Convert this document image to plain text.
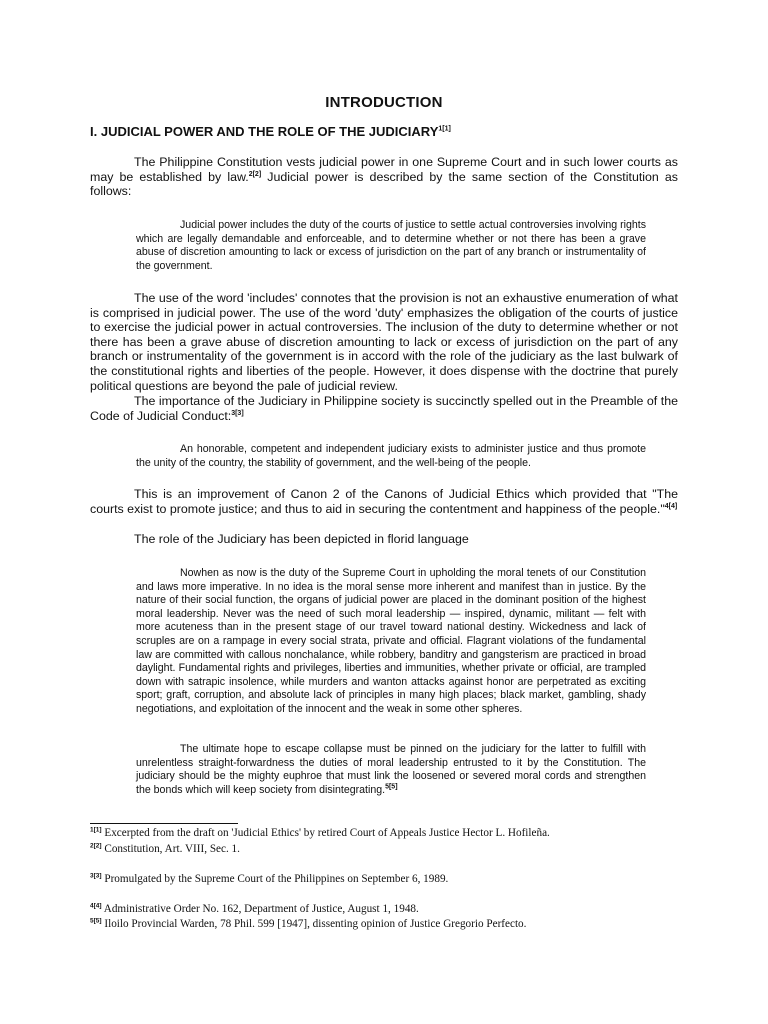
INTRODUCTION
I. JUDICIAL POWER AND THE ROLE OF THE $JUDICIARY^{1[1]}$
The Philippine Constitution vests judicial power in one Supreme Court and in such lower courts as may be established by law.$^{2[2]}$ Judicial power is described by the same section of the Constitution as follows:
Judicial power includes the duty of the courts of justice to settle actual controversies involving rights which are legally demandable and enforceable, and to determine whether or not there has been a grave abuse of discretion amounting to lack or excess of jurisdiction on the part of any branch or instrumentality of the government.
The use of the word 'includes' connotes that the provision is not an exhaustive enumeration of what is comprised in judicial power. The use of the word 'duty' emphasizes the obligation of the courts of justice to exercise the judicial power in actual controversies. The inclusion of the duty to determine whether or not there has been a grave abuse of discretion amounting to lack or excess of jurisdiction on the part of any branch or instrumentality of the government is in accord with the role of the judiciary as the last bulwark of the constitutional rights and liberties of the people. However, it does dispense with the doctrine that purely political questions are beyond the pale of judicial review.
The importance of the Judiciary in Philippine society is succinctly spelled out in the Preamble of the Code of Judicial Conduct:$^{3[3]}$
An honorable, competent and independent judiciary exists to administer justice and thus promote the unity of the country, the stability of government, and the well-being of the people.
This is an improvement of Canon 2 of the Canons of Judicial Ethics which provided that "The courts exist to promote justice; and thus to aid in securing the contentment and happiness of the people."$^{4[4]}$
The role of the Judiciary has been depicted in florid language
Nowhen as now is the duty of the Supreme Court in upholding the moral tenets of our Constitution and laws more imperative. In no idea is the moral sense more inherent and manifest than in justice. By the nature of their social function, the organs of judicial power are placed in the dominant position of the highest moral leadership. Never was the need of such moral leadership — inspired, dynamic, militant — felt with more acuteness than in the present stage of our travel toward national destiny. Wickedness and lack of scruples are on a rampage in every social strata, private and official. Flagrant violations of the fundamental law are committed with callous nonchalance, while robbery, banditry and gangsterism are practiced in broad daylight. Fundamental rights and privileges, liberties and immunities, whether private or official, are trampled down with satrapic insolence, while murders and wanton attacks against honor are perpetrated as exciting sport; graft, corruption, and absolute lack of principles in many high places; black market, gambling, shady negotiations, and exploitation of the innocent and the weak in some other spheres.
The ultimate hope to escape collapse must be pinned on the judiciary for the latter to fulfill with unrelentless straight-forwardness the duties of moral leadership entrusted to it by the Constitution. The judiciary should be the mighty euphroe that must link the loosened or severed moral cords and strengthen the bonds which will keep society from disintegrating.$^{5[5]}$
$^{1[1]}$ Excerpted from the draft on 'Judicial Ethics' by retired Court of Appeals Justice Hector L. Hofileña.
$^{2[2]}$ Constitution, Art. VIII, Sec. 1.
$^{3[3]}$ Promulgated by the Supreme Court of the Philippines on September 6, 1989.
$^{4[4]}$ Administrative Order No. 162, Department of Justice, August 1, 1948.
$^{5[5]}$ Iloilo Provincial Warden, 78 Phil. 599 [1947], dissenting opinion of Justice Gregorio Perfecto.
